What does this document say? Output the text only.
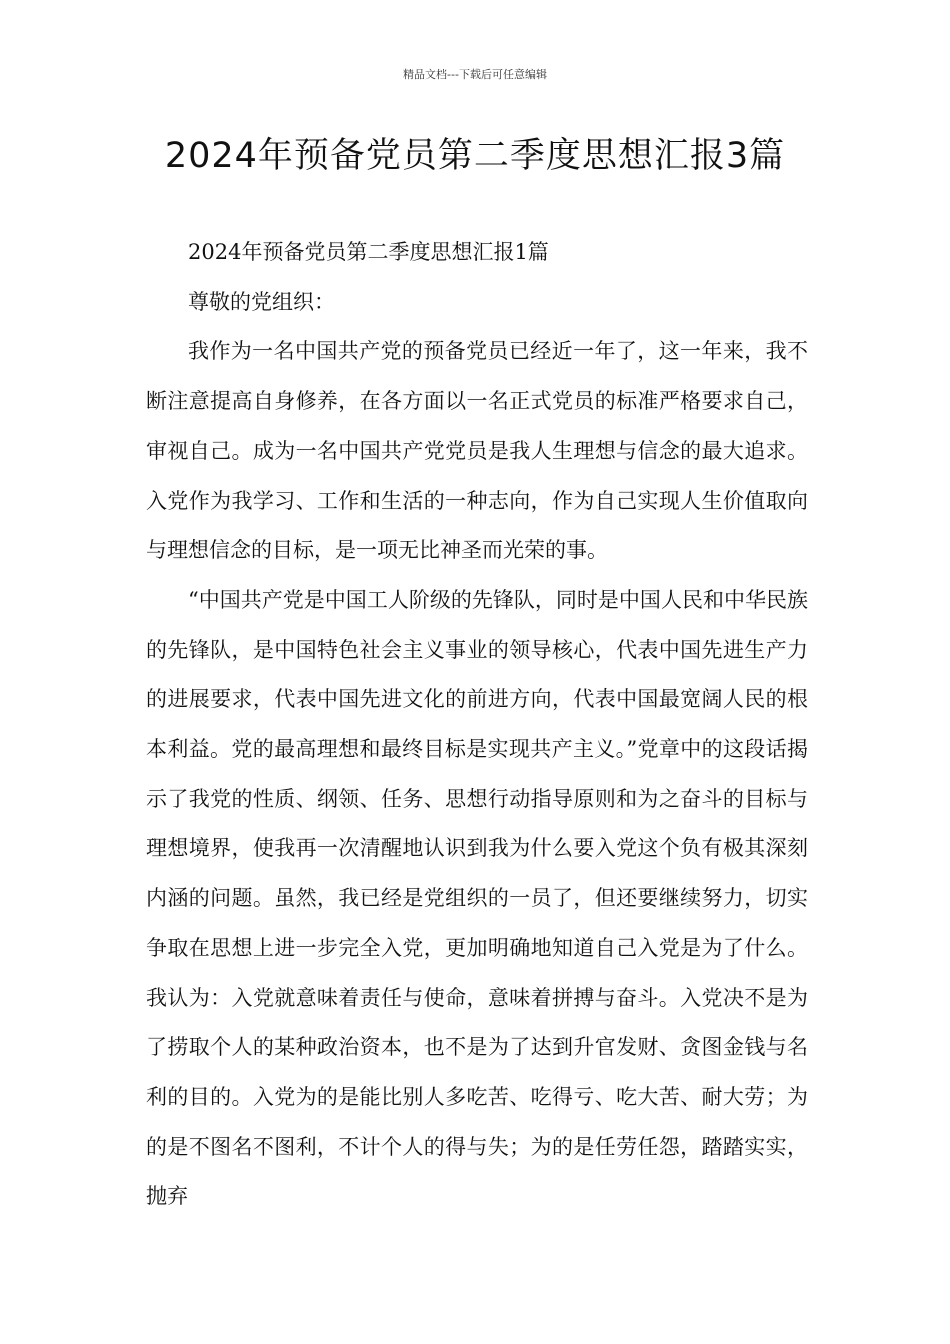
精品文档---下载后可任意编辑
2024年预备党员第二季度思想汇报3篇

2024年预备党员第二季度思想汇报1篇

尊敬的党组织：

我作为一名中国共产党的预备党员已经近一年了，这一年来，我不断注意提高自身修养，在各方面以一名正式党员的标准严格要求自己，审视自己。成为一名中国共产党党员是我人生理想与信念的最大追求。入党作为我学习、工作和生活的一种志向，作为自己实现人生价值取向与理想信念的目标，是一项无比神圣而光荣的事。

“中国共产党是中国工人阶级的先锋队，同时是中国人民和中华民族的先锋队，是中国特色社会主义事业的领导核心，代表中国先进生产力的进展要求，代表中国先进文化的前进方向，代表中国最宽阔人民的根本利益。党的最高理想和最终目标是实现共产主义。”党章中的这段话揭示了我党的性质、纲领、任务、思想行动指导原则和为之奋斗的目标与理想境界，使我再一次清醒地认识到我为什么要入党这个负有极其深刻内涵的问题。虽然，我已经是党组织的一员了，但还要继续努力，切实争取在思想上进一步完全入党，更加明确地知道自己入党是为了什么。我认为：入党就意味着责任与使命，意味着拼搏与奋斗。入党决不是为了捞取个人的某种政治资本，也不是为了达到升官发财、贪图金钱与名利的目的。入党为的是能比别人多吃苦、吃得亏、吃大苦、耐大劳；为的是不图名不图利，不计个人的得与失；为的是任劳任怨，踏踏实实，抛弃
